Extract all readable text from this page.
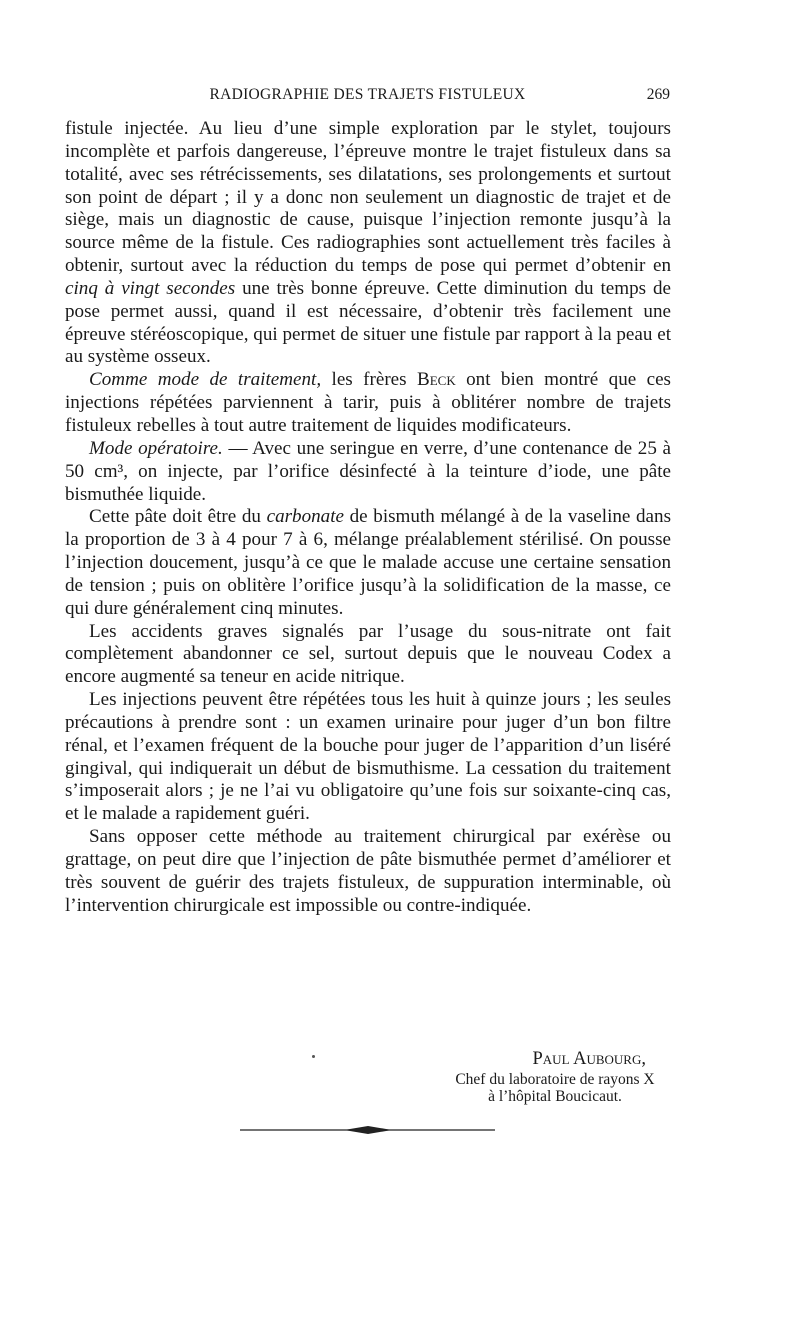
RADIOGRAPHIE DES TRAJETS FISTULEUX	269

fistule injectée. Au lieu d’une simple exploration par le stylet, toujours incomplète et parfois dangereuse, l’épreuve montre le trajet fistuleux dans sa totalité, avec ses rétrécissements, ses dilatations, ses prolongements et surtout son point de départ ; il y a donc non seulement un diagnostic de trajet et de siège, mais un diagnostic de cause, puisque l’injection remonte jusqu’à la source même de la fistule. Ces radiographies sont actuellement très faciles à obtenir, surtout avec la réduction du temps de pose qui permet d’obtenir en cinq à vingt secondes une très bonne épreuve. Cette diminution du temps de pose permet aussi, quand il est nécessaire, d’obtenir très facilement une épreuve stéréoscopique, qui permet de situer une fistule par rapport à la peau et au système osseux.

Comme mode de traitement, les frères Beck ont bien montré que ces injections répétées parviennent à tarir, puis à oblitérer nombre de trajets fistuleux rebelles à tout autre traitement de liquides modificateurs.

Mode opératoire. — Avec une seringue en verre, d’une contenance de 25 à 50 cm³, on injecte, par l’orifice désinfecté à la teinture d’iode, une pâte bismuthée liquide.

Cette pâte doit être du carbonate de bismuth mélangé à de la vaseline dans la proportion de 3 à 4 pour 7 à 6, mélange préalablement stérilisé. On pousse l’injection doucement, jusqu’à ce que le malade accuse une certaine sensation de tension ; puis on oblitère l’orifice jusqu’à la solidification de la masse, ce qui dure généralement cinq minutes.

Les accidents graves signalés par l’usage du sous-nitrate ont fait complètement abandonner ce sel, surtout depuis que le nouveau Codex a encore augmenté sa teneur en acide nitrique.

Les injections peuvent être répétées tous les huit à quinze jours ; les seules précautions à prendre sont : un examen urinaire pour juger d’un bon filtre rénal, et l’examen fréquent de la bouche pour juger de l’apparition d’un liséré gingival, qui indiquerait un début de bismuthisme. La cessation du traitement s’imposerait alors ; je ne l’ai vu obligatoire qu’une fois sur soixante-cinq cas, et le malade a rapidement guéri.

Sans opposer cette méthode au traitement chirurgical par exérèse ou grattage, on peut dire que l’injection de pâte bismuthée permet d’améliorer et très souvent de guérir des trajets fistuleux, de suppuration interminable, où l’intervention chirurgicale est impossible ou contre-indiquée.

Paul Aubourg,
Chef du laboratoire de rayons X
à l’hôpital Boucicaut.
